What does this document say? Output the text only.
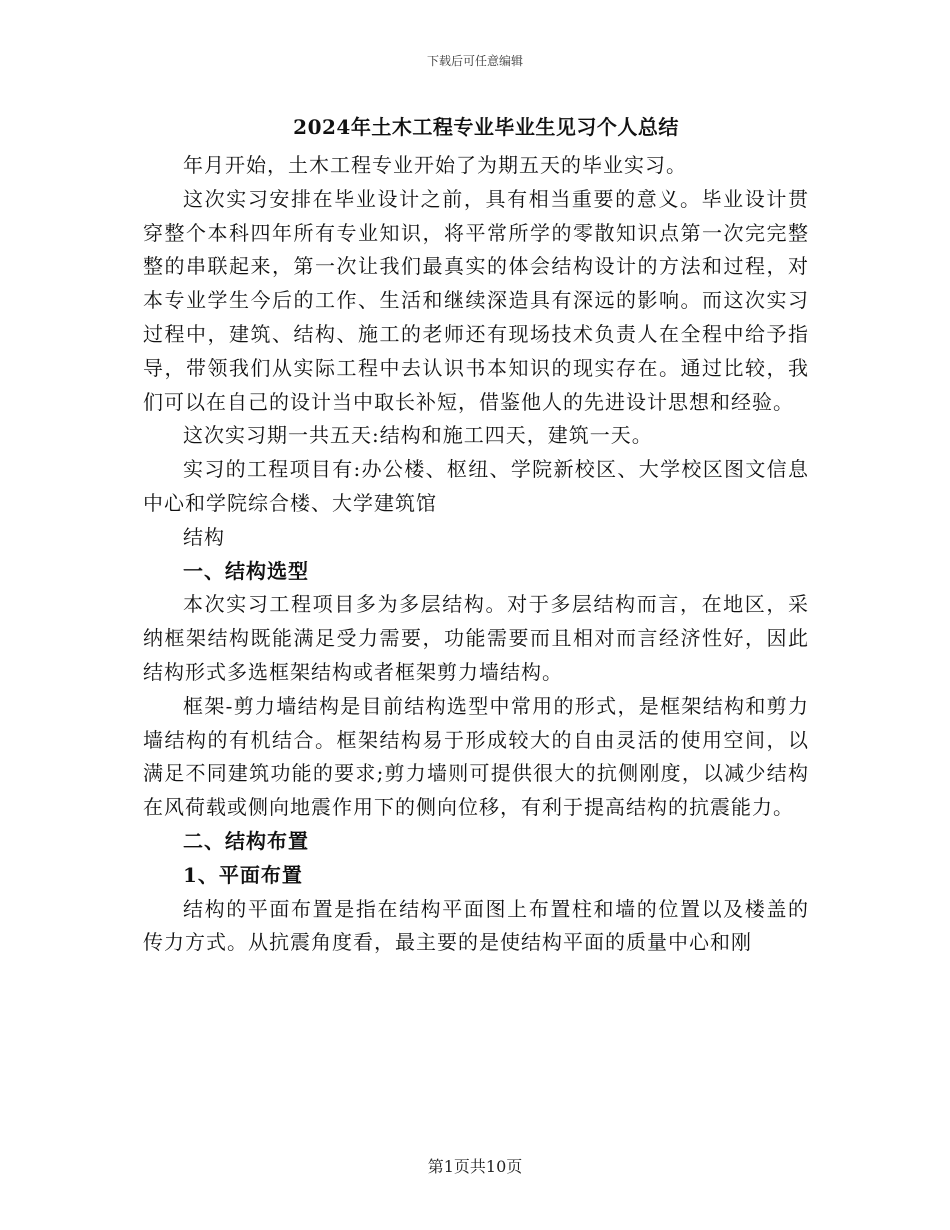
下载后可任意编辑
2024年土木工程专业毕业生见习个人总结

年月开始，土木工程专业开始了为期五天的毕业实习。

这次实习安排在毕业设计之前，具有相当重要的意义。毕业设计贯穿整个本科四年所有专业知识，将平常所学的零散知识点第一次完完整整的串联起来，第一次让我们最真实的体会结构设计的方法和过程，对本专业学生今后的工作、生活和继续深造具有深远的影响。而这次实习过程中，建筑、结构、施工的老师还有现场技术负责人在全程中给予指导，带领我们从实际工程中去认识书本知识的现实存在。通过比较，我们可以在自己的设计当中取长补短，借鉴他人的先进设计思想和经验。

这次实习期一共五天:结构和施工四天，建筑一天。

实习的工程项目有:办公楼、枢纽、学院新校区、大学校区图文信息中心和学院综合楼、大学建筑馆

结构

一、结构选型

本次实习工程项目多为多层结构。对于多层结构而言，在地区，采纳框架结构既能满足受力需要，功能需要而且相对而言经济性好，因此结构形式多选框架结构或者框架剪力墙结构。

框架-剪力墙结构是目前结构选型中常用的形式，是框架结构和剪力墙结构的有机结合。框架结构易于形成较大的自由灵活的使用空间，以满足不同建筑功能的要求;剪力墙则可提供很大的抗侧刚度，以减少结构在风荷载或侧向地震作用下的侧向位移，有利于提高结构的抗震能力。

二、结构布置

1、平面布置

结构的平面布置是指在结构平面图上布置柱和墙的位置以及楼盖的传力方式。从抗震角度看，最主要的是使结构平面的质量中心和刚

第1页共10页
